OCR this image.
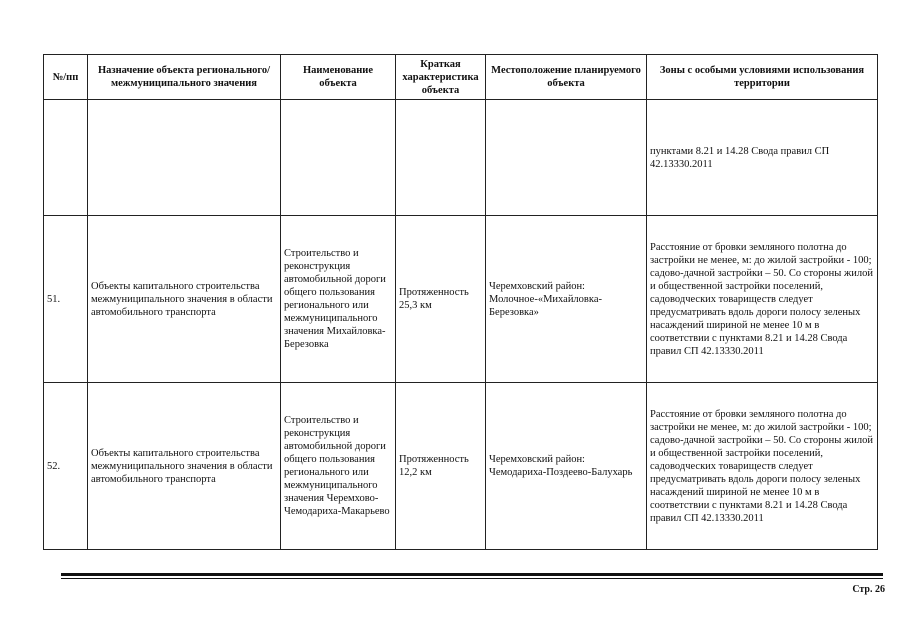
№/пп	Назначение объекта регионального/ межмуниципального значения	Наименование объекта	Краткая характеристика объекта	Местоположение планируемого объекта	Зоны с особыми условиями использования территории
					пунктами 8.21 и 14.28 Свода правил СП 42.13330.2011
51.	Объекты капитального строительства межмуниципального значения в области автомобильного транспорта	Строительство и реконструкция автомобильной дороги общего пользования регионального или межмуниципального значения Михайловка-Березовка	Протяженность 25,3 км	Черемховский район: Молочное-«Михайловка-Березовка»	Расстояние от бровки земляного полотна до застройки не менее, м: до жилой застройки - 100; садово-дачной застройки – 50. Со стороны жилой и общественной застройки поселений, садоводческих товариществ следует предусматривать вдоль дороги полосу зеленых насаждений шириной не менее 10 м в соответствии с пунктами 8.21 и 14.28 Свода правил СП 42.13330.2011
52.	Объекты капитального строительства межмуниципального значения в области автомобильного транспорта	Строительство и реконструкция автомобильной дороги общего пользования регионального или межмуниципального значения Черемхово-Чемодариха-Макарьево	Протяженность 12,2 км	Черемховский район: Чемодариха-Поздеево-Балухарь	Расстояние от бровки земляного полотна до застройки не менее, м: до жилой застройки - 100; садово-дачной застройки – 50. Со стороны жилой и общественной застройки поселений, садоводческих товариществ следует предусматривать вдоль дороги полосу зеленых насаждений шириной не менее 10 м в соответствии с пунктами 8.21 и 14.28 Свода правил СП 42.13330.2011
Стр. 26
